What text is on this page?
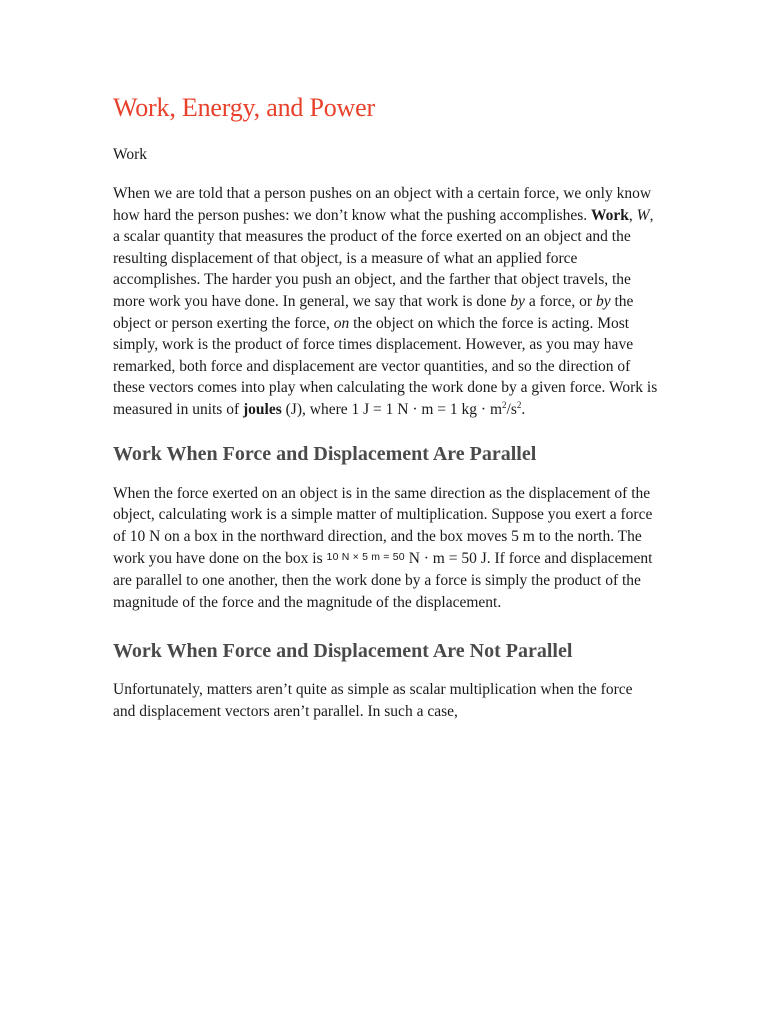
Work, Energy, and Power

Work

When we are told that a person pushes on an object with a certain force, we only know how hard the person pushes: we don’t know what the pushing accomplishes. Work, W, a scalar quantity that measures the product of the force exerted on an object and the resulting displacement of that object, is a measure of what an applied force accomplishes. The harder you push an object, and the farther that object travels, the more work you have done. In general, we say that work is done by a force, or by the object or person exerting the force, on the object on which the force is acting. Most simply, work is the product of force times displacement. However, as you may have remarked, both force and displacement are vector quantities, and so the direction of these vectors comes into play when calculating the work done by a given force. Work is measured in units of joules (J), where 1 J = 1 N · m = 1 kg · $m^2/s^2$.

Work When Force and Displacement Are Parallel

When the force exerted on an object is in the same direction as the displacement of the object, calculating work is a simple matter of multiplication. Suppose you exert a force of 10 N on a box in the northward direction, and the box moves 5 m to the north. The work you have done on the box is 10 N × 5 m = 50 N · m = 50 J. If force and displacement are parallel to one another, then the work done by a force is simply the product of the magnitude of the force and the magnitude of the displacement.

Work When Force and Displacement Are Not Parallel

Unfortunately, matters aren’t quite as simple as scalar multiplication when the force and displacement vectors aren’t parallel. In such a case,
